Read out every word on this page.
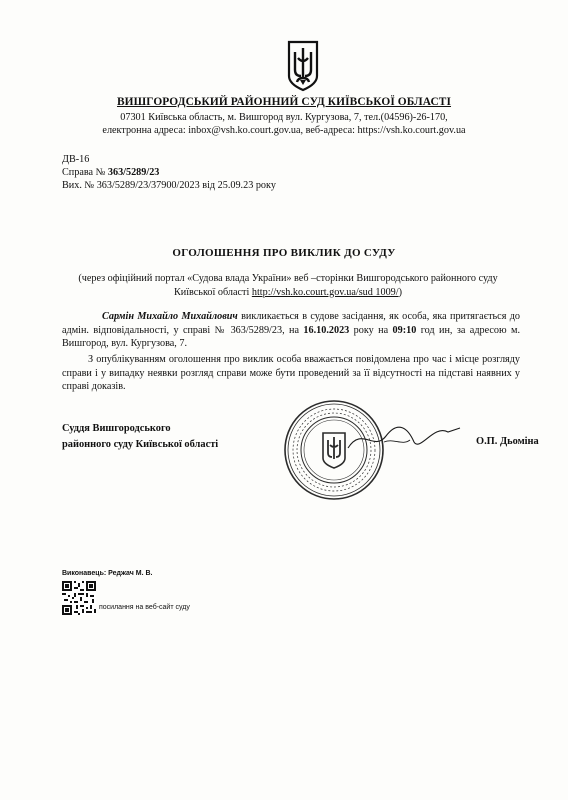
ВИШГОРОДСЬКИЙ РАЙОННИЙ СУД КИЇВСЬКОЇ ОБЛАСТІ
07301 Київська область, м. Вишгород вул. Кургузова, 7, тел.(04596)-26-170,
електронна адреса: inbox@vsh.ko.court.gov.ua, веб-адреса: https://vsh.ko.court.gov.ua
ДВ-16
Справа № 363/5289/23
Вих. № 363/5289/23/37900/2023 від 25.09.23 року
ОГОЛОШЕННЯ ПРО ВИКЛИК ДО СУДУ
(через офіційний портал «Судова влада України» веб –сторінки Вишгородського районного суду Київської області http://vsh.ko.court.gov.ua/sud 1009/)
Сармін Михайло Михайлович викликається в судове засідання, як особа, яка притягається до адмін. відповідальності, у справі № 363/5289/23, на 16.10.2023 року на 09:10 год ин, за адресою м. Вишгород, вул. Кургузова, 7.
З опублікуванням оголошення про виклик особа вважається повідомлена про час і місце розгляду справи і у випадку неявки розгляд справи може бути проведений за її відсутності на підставі наявних у справі доказів.
Суддя Вишгородського
районного суду Київської області	О.П. Дьоміна
Виконавець: Реджач М. В.
посилання на веб-сайт суду
